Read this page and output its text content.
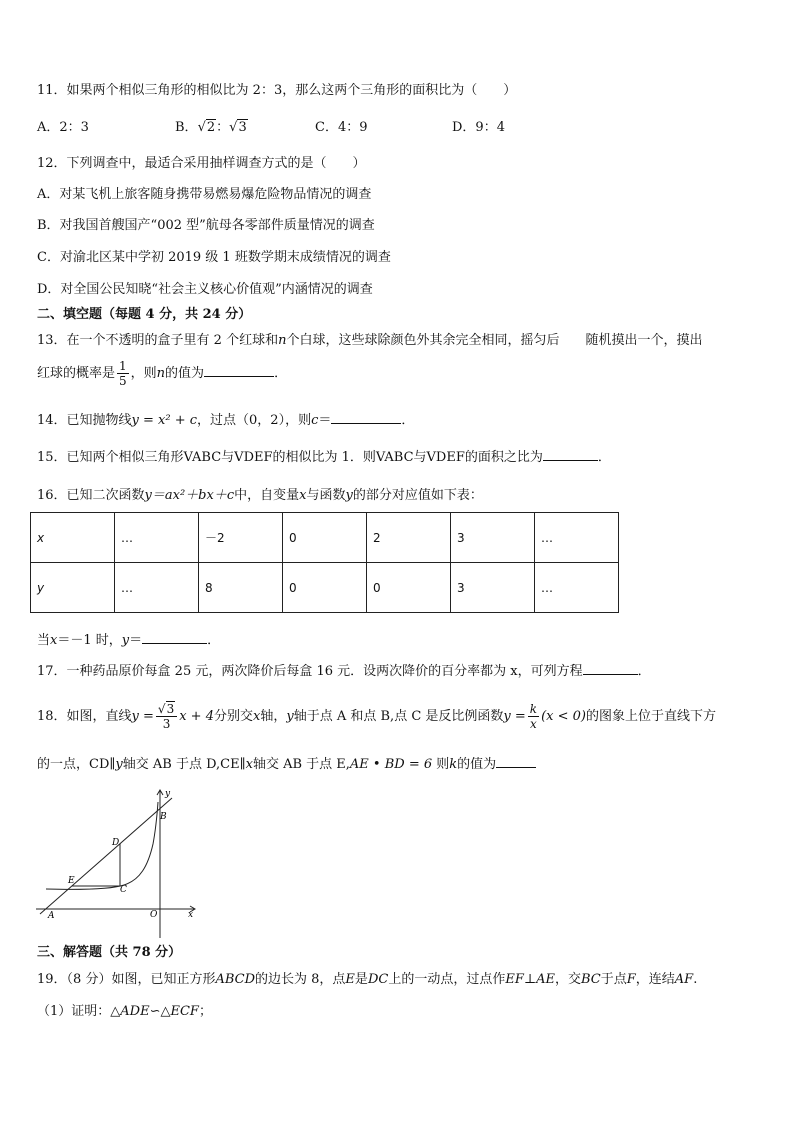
11．如果两个相似三角形的相似比为 2：3，那么这两个三角形的面积比为（　　）
A．2：3	B．√2：√3	C．4：9	D．9：4
12．下列调查中，最适合采用抽样调查方式的是（　　）
A．对某飞机上旅客随身携带易燃易爆危险物品情况的调查
B．对我国首艘国产“002 型”航母各零部件质量情况的调查
C．对渝北区某中学初 2019 级 1 班数学期末成绩情况的调查
D．对全国公民知晓“社会主义核心价值观”内涵情况的调查
二、填空题（每题 4 分，共 24 分）
13．在一个不透明的盒子里有 2 个红球和n个白球，这些球除颜色外其余完全相同，摇匀后　　随机摸出一个，摸出
红球的概率是 $\frac{1}{5}$ ，则n的值为	．
14．已知抛物线y = x² + c，过点（0，2），则c＝	．
15．已知两个相似三角形VABC与VDEF的相似比为 1．则VABC与VDEF的面积之比为	．
16．已知二次函数y＝ax²＋bx＋c中，自变量x与函数y的部分对应值如下表：
x	…	－2	0	2	3	…
y	…	8	0	0	3	…
当x＝－1 时，y＝	．
17．一种药品原价每盒 25 元，两次降价后每盒 16 元．设两次降价的百分率都为 x，可列方程	．
18．如图，直线$y = \frac{√3}{3}$ x + 4分别交x轴，y轴于点 A 和点 B,点 C 是反比例函数$y = \frac{k}{x} (x < 0)$的图象上位于直线下方
的一点，CD∥y轴交 AB 于点 D,CE∥x轴交 AB 于点 E,AE • BD = 6 则k的值为
y
x
B
D
E
C
A	O
三、解答题（共 78 分）
19．（8 分）如图，已知正方形ABCD的边长为 8，点E是DC上的一动点，过点作EF⊥AE，交BC于点F，连结AF.
（1）证明：△ADE∽△ECF；
